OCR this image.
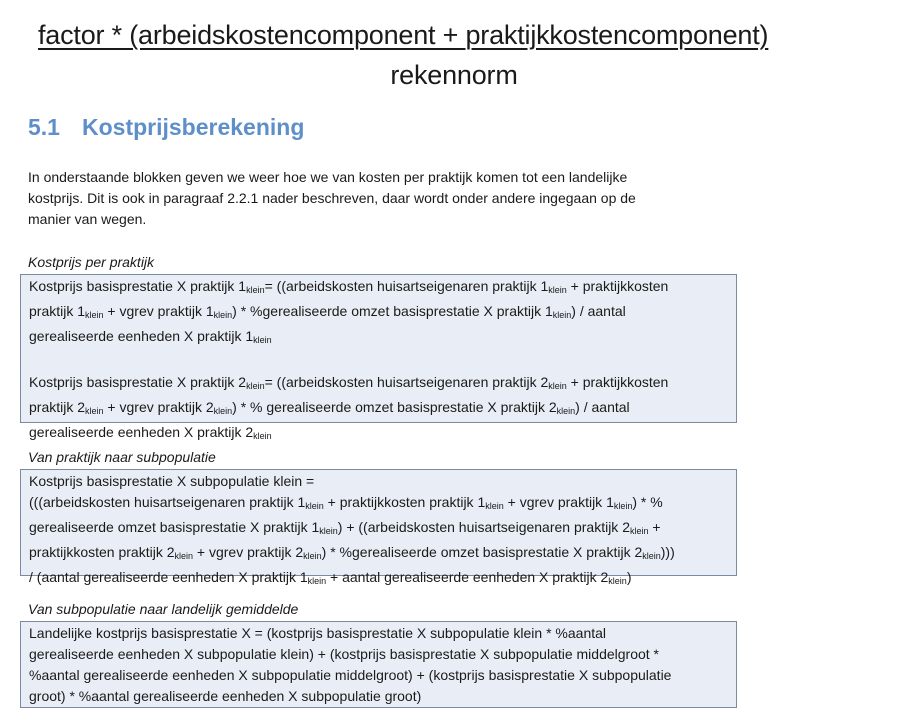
factor * (arbeidskostencomponent + praktijkkostencomponent)
rekennorm
5.1 Kostprijsberekening
In onderstaande blokken geven we weer hoe we van kosten per praktijk komen tot een landelijke
kostprijs. Dit is ook in paragraaf 2.2.1 nader beschreven, daar wordt onder andere ingegaan op de
manier van wegen.
Kostprijs per praktijk

Kostprijs basisprestatie X praktijk $1_{klein}=$ ((arbeidskosten huisartseigenaren praktijk $1_{klein}$ + praktijkkosten

praktijk $1_{klein}$ + vgrev praktijk $1_{klein}$) * %gerealiseerde omzet basisprestatie X praktijk $1_{klein}$) / aantal

gerealiseerde eenheden X praktijk $1_{klein}$

Kostprijs basisprestatie X praktijk $2_{klein}=$ ((arbeidskosten huisartseigenaren praktijk $2_{klein}$ + praktijkkosten

praktijk $2_{klein}$ + vgrev praktijk $2_{klein}$) * % gerealiseerde omzet basisprestatie X praktijk $2_{klein}$) / aantal

gerealiseerde eenheden X praktijk $2_{klein}$

Van praktijk naar subpopulatie

Kostprijs basisprestatie X subpopulatie klein =

(((arbeidskosten huisartseigenaren praktijk $1_{klein}$ + praktijkkosten praktijk $1_{klein}$ + vgrev praktijk $1_{klein}$) * %

gerealiseerde omzet basisprestatie X praktijk $1_{klein}$) + ((arbeidskosten huisartseigenaren praktijk $2_{klein}$ +

praktijkkosten praktijk $2_{klein}$ + vgrev praktijk $2_{klein}$) * %gerealiseerde omzet basisprestatie X praktijk $2_{klein}$)))

/ (aantal gerealiseerde eenheden X praktijk $1_{klein}$ + aantal gerealiseerde eenheden X praktijk $2_{klein}$)

Van subpopulatie naar landelijk gemiddelde

Landelijke kostprijs basisprestatie X = (kostprijs basisprestatie X subpopulatie klein * %aantal

gerealiseerde eenheden X subpopulatie klein) + (kostprijs basisprestatie X subpopulatie middelgroot *

%aantal gerealiseerde eenheden X subpopulatie middelgroot) + (kostprijs basisprestatie X subpopulatie

groot) * %aantal gerealiseerde eenheden X subpopulatie groot)
